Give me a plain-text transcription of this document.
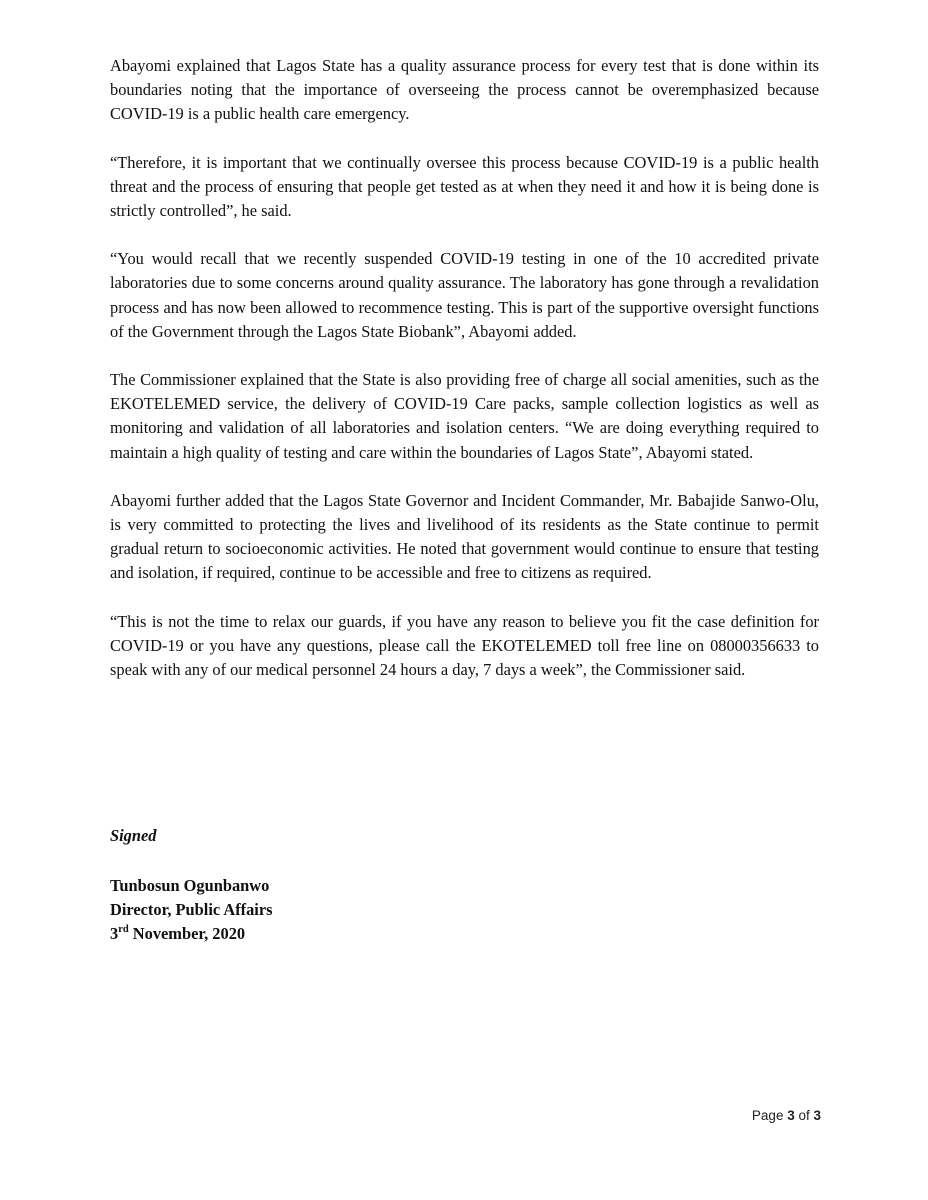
Abayomi explained that Lagos State has a quality assurance process for every test that is done within its boundaries noting that the importance of overseeing the process cannot be overemphasized because COVID-19 is a public health care emergency.

“Therefore, it is important that we continually oversee this process because COVID-19 is a public health threat and the process of ensuring that people get tested as at when they need it and how it is being done is strictly controlled”, he said.

“You would recall that we recently suspended COVID-19 testing in one of the 10 accredited private laboratories due to some concerns around quality assurance. The laboratory has gone through a revalidation process and has now been allowed to recommence testing. This is part of the supportive oversight functions of the Government through the Lagos State Biobank”, Abayomi added.

The Commissioner explained that the State is also providing free of charge all social amenities, such as the EKOTELEMED service, the delivery of COVID-19 Care packs, sample collection logistics as well as monitoring and validation of all laboratories and isolation centers. “We are doing everything required to maintain a high quality of testing and care within the boundaries of Lagos State”, Abayomi stated.

Abayomi further added that the Lagos State Governor and Incident Commander, Mr. Babajide Sanwo-Olu, is very committed to protecting the lives and livelihood of its residents as the State continue to permit gradual return to socioeconomic activities. He noted that government would continue to ensure that testing and isolation, if required, continue to be accessible and free to citizens as required.

“This is not the time to relax our guards, if you have any reason to believe you fit the case definition for COVID-19 or you have any questions, please call the EKOTELEMED toll free line on 08000356633 to speak with any of our medical personnel 24 hours a day, 7 days a week”, the Commissioner said.

Signed

Tunbosun Ogunbanwo
Director, Public Affairs
3rd November, 2020
Page 3 of 3
